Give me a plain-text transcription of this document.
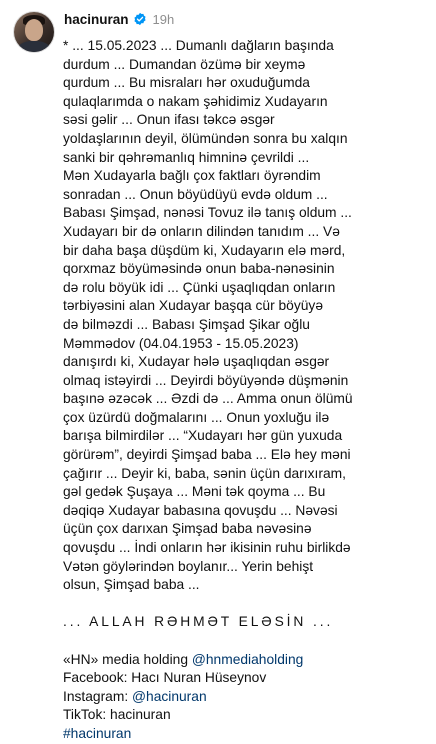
hacinuran 19h
* ... 15.05.2023 ... Dumanlı dağların başında
durdum ... Dumandan özümə bir xeymə
qurdum ... Bu misraları hər oxuduğumda
qulaqlarımda o nakam şəhidimiz Xudayarın
səsi gəlir ... Onun ifası təkcə əsgər
yoldaşlarının deyil, ölümündən sonra bu xalqın
sanki bir qəhrəmanlıq himninə çevrildi ...
Mən Xudayarla bağlı çox faktları öyrəndim
sonradan ... Onun böyüdüyü evdə oldum ...
Babası Şimşad, nənəsi Tovuz ilə tanış oldum ...
Xudayarı bir də onların dilindən tanıdım ... Və
bir daha başa düşdüm ki, Xudayarın elə mərd,
qorxmaz böyüməsində onun baba-nənəsinin
də rolu böyük idi ... Çünki uşaqlıqdan onların
tərbiyəsini alan Xudayar başqa cür böyüyə
də bilməzdi ... Babası Şimşad Şikar oğlu
Məmmədov (04.04.1953 - 15.05.2023)
danışırdı ki, Xudayar hələ uşaqlıqdan əsgər
olmaq istəyirdi ... Deyirdi böyüyəndə düşmənin
başınə əzəcək ... Əzdi də ... Amma onun ölümü
çox üzürdü doğmalarını ... Onun yoxluğu ilə
barışa bilmirdilər ... “Xudayarı hər gün yuxuda
görürəm”, deyirdi Şimşad baba ... Elə hey məni
çağırır ... Deyir ki, baba, sənin üçün darıxıram,
gəl gedək Şuşaya ... Məni tək qoyma ... Bu
dəqiqə Xudayar babasına qovuşdu ... Nəvəsi
üçün çox darıxan Şimşad baba nəvəsinə
qovuşdu ... İndi onların hər ikisinin ruhu birlikdə
Vətən göylərindən boylanır... Yerin behişt
olsun, Şimşad baba ...
... ALLAH RƏHMƏT ELƏSİN ...
«HN» media holding @hnmediaholding
Facebook: Hacı Nuran Hüseynov
Instagram: @hacinuran
TikTok: hacinuran
#hacinuran
